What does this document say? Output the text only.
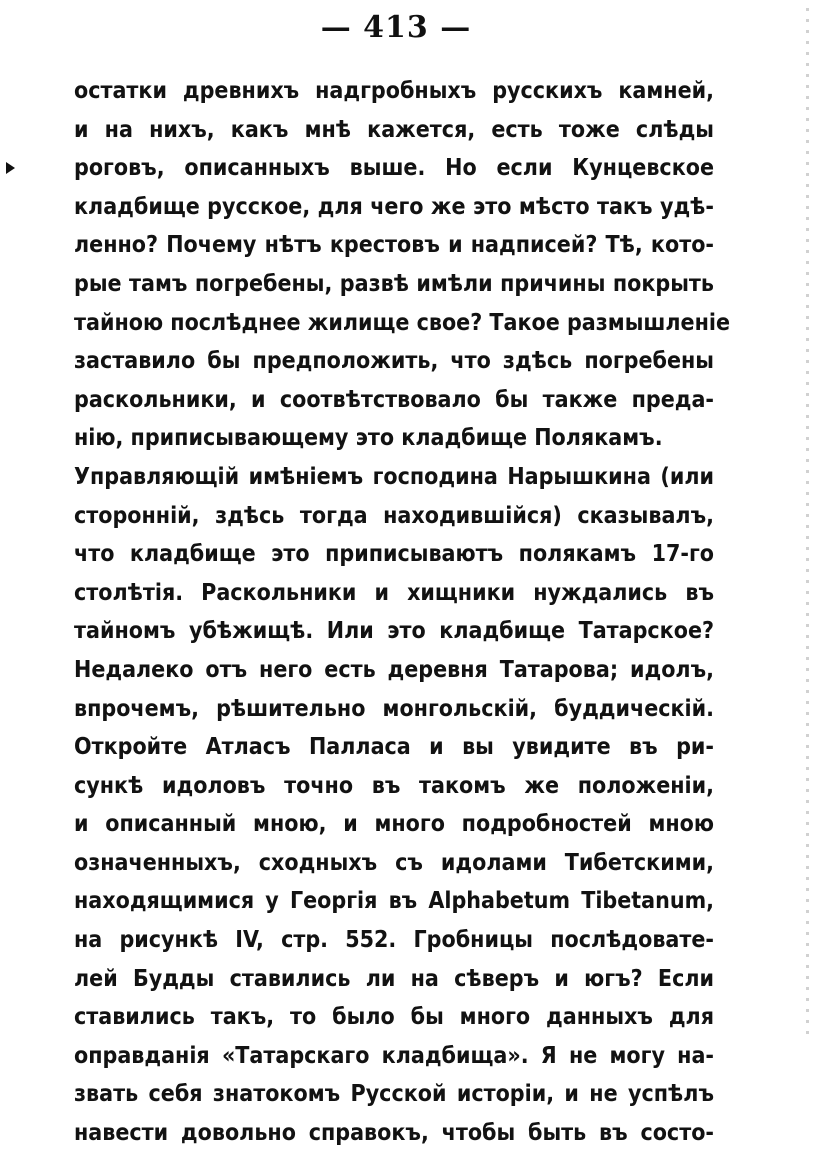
— 413 —
остатки древнихъ надгробныхъ русскихъ камней,
и на нихъ, какъ мнѣ кажется, есть тоже слѣды
роговъ, описанныхъ выше. Но если Кунцевское
кладбище русское, для чего же это мѣсто такъ удѣ-
ленно? Почему нѣтъ крестовъ и надписей? Тѣ, кото-
рые тамъ погребены, развѣ имѣли причины покрыть
тайною послѣднее жилище свое? Такое размышленіе
заставило бы предположить, что здѣсь погребены
раскольники, и соотвѣтствовало бы также преда-
нію, приписывающему это кладбище Полякамъ.
Управляющій имѣніемъ господина Нарышкина (или
сторонній, здѣсь тогда находившійся) сказывалъ,
что кладбище это приписываютъ полякамъ 17-го
столѣтія. Раскольники и хищники нуждались въ
тайномъ убѣжищѣ. Или это кладбище Татарское?
Недалеко отъ него есть деревня Татарова; идолъ,
впрочемъ, рѣшительно монгольскій, буддическій.
Откройте Атласъ Палласа и вы увидите въ ри-
сункѣ идоловъ точно въ такомъ же положеніи,
и описанный мною, и много подробностей мною
означенныхъ, сходныхъ съ идолами Тибетскими,
находящимися у Георгія въ Alphabetum Tibetanum,
на рисункѣ IV, стр. 552. Гробницы послѣдовате-
лей Будды ставились ли на сѣверъ и югъ? Если
ставились такъ, то было бы много данныхъ для
оправданія «Татарскаго кладбища». Я не могу на-
звать себя знатокомъ Русской исторіи, и не успѣлъ
навести довольно справокъ, чтобы быть въ состо-
